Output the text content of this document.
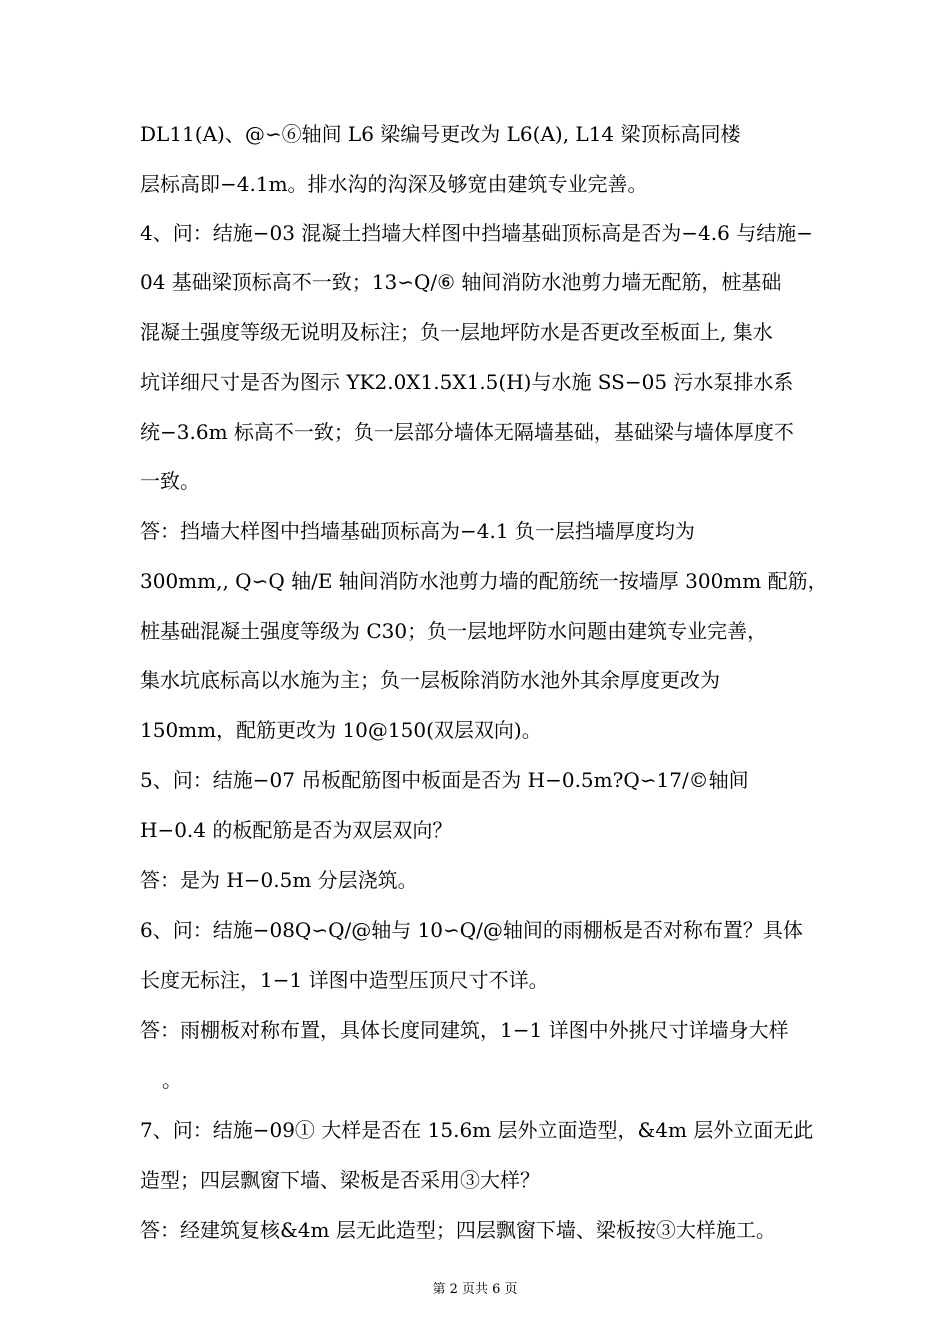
DL11(A)、@∽⑥轴间 L6 梁编号更改为 L6(A), L14 梁顶标高同楼
层标高即−4.1m。排水沟的沟深及够宽由建筑专业完善。
4、问：结施−03 混凝土挡墙大样图中挡墙基础顶标高是否为−4.6 与结施−
04 基础梁顶标高不一致；13∽Q/⑥ 轴间消防水池剪力墙无配筋，桩基础
混凝土强度等级无说明及标注；负一层地坪防水是否更改至板面上, 集水
坑详细尺寸是否为图示 YK2.0X1.5X1.5(H)与水施 SS−05 污水泵排水系
统−3.6m 标高不一致；负一层部分墙体无隔墙基础，基础梁与墙体厚度不
一致。
答：挡墙大样图中挡墙基础顶标高为−4.1 负一层挡墙厚度均为
300mm,, Q∽Q 轴/E 轴间消防水池剪力墙的配筋统一按墙厚 300mm 配筋，
桩基础混凝土强度等级为 C30；负一层地坪防水问题由建筑专业完善，
集水坑底标高以水施为主；负一层板除消防水池外其余厚度更改为
150mm，配筋更改为 10@150(双层双向)。
5、问：结施−07 吊板配筋图中板面是否为 H−0.5m?Q∽17/©轴间
H−0.4 的板配筋是否为双层双向？
答：是为 H−0.5m 分层浇筑。
6、问：结施−08Q∽Q/@轴与 10∽Q/@轴间的雨棚板是否对称布置？具体
长度无标注，1−1 详图中造型压顶尺寸不详。
答：雨棚板对称布置，具体长度同建筑，1−1 详图中外挑尺寸详墙身大样
。
7、问：结施−09① 大样是否在 15.6m 层外立面造型，&4m 层外立面无此
造型；四层飘窗下墙、梁板是否采用③大样？
答：经建筑复核&4m 层无此造型；四层飘窗下墙、梁板按③大样施工。
第 2 页共 6 页
